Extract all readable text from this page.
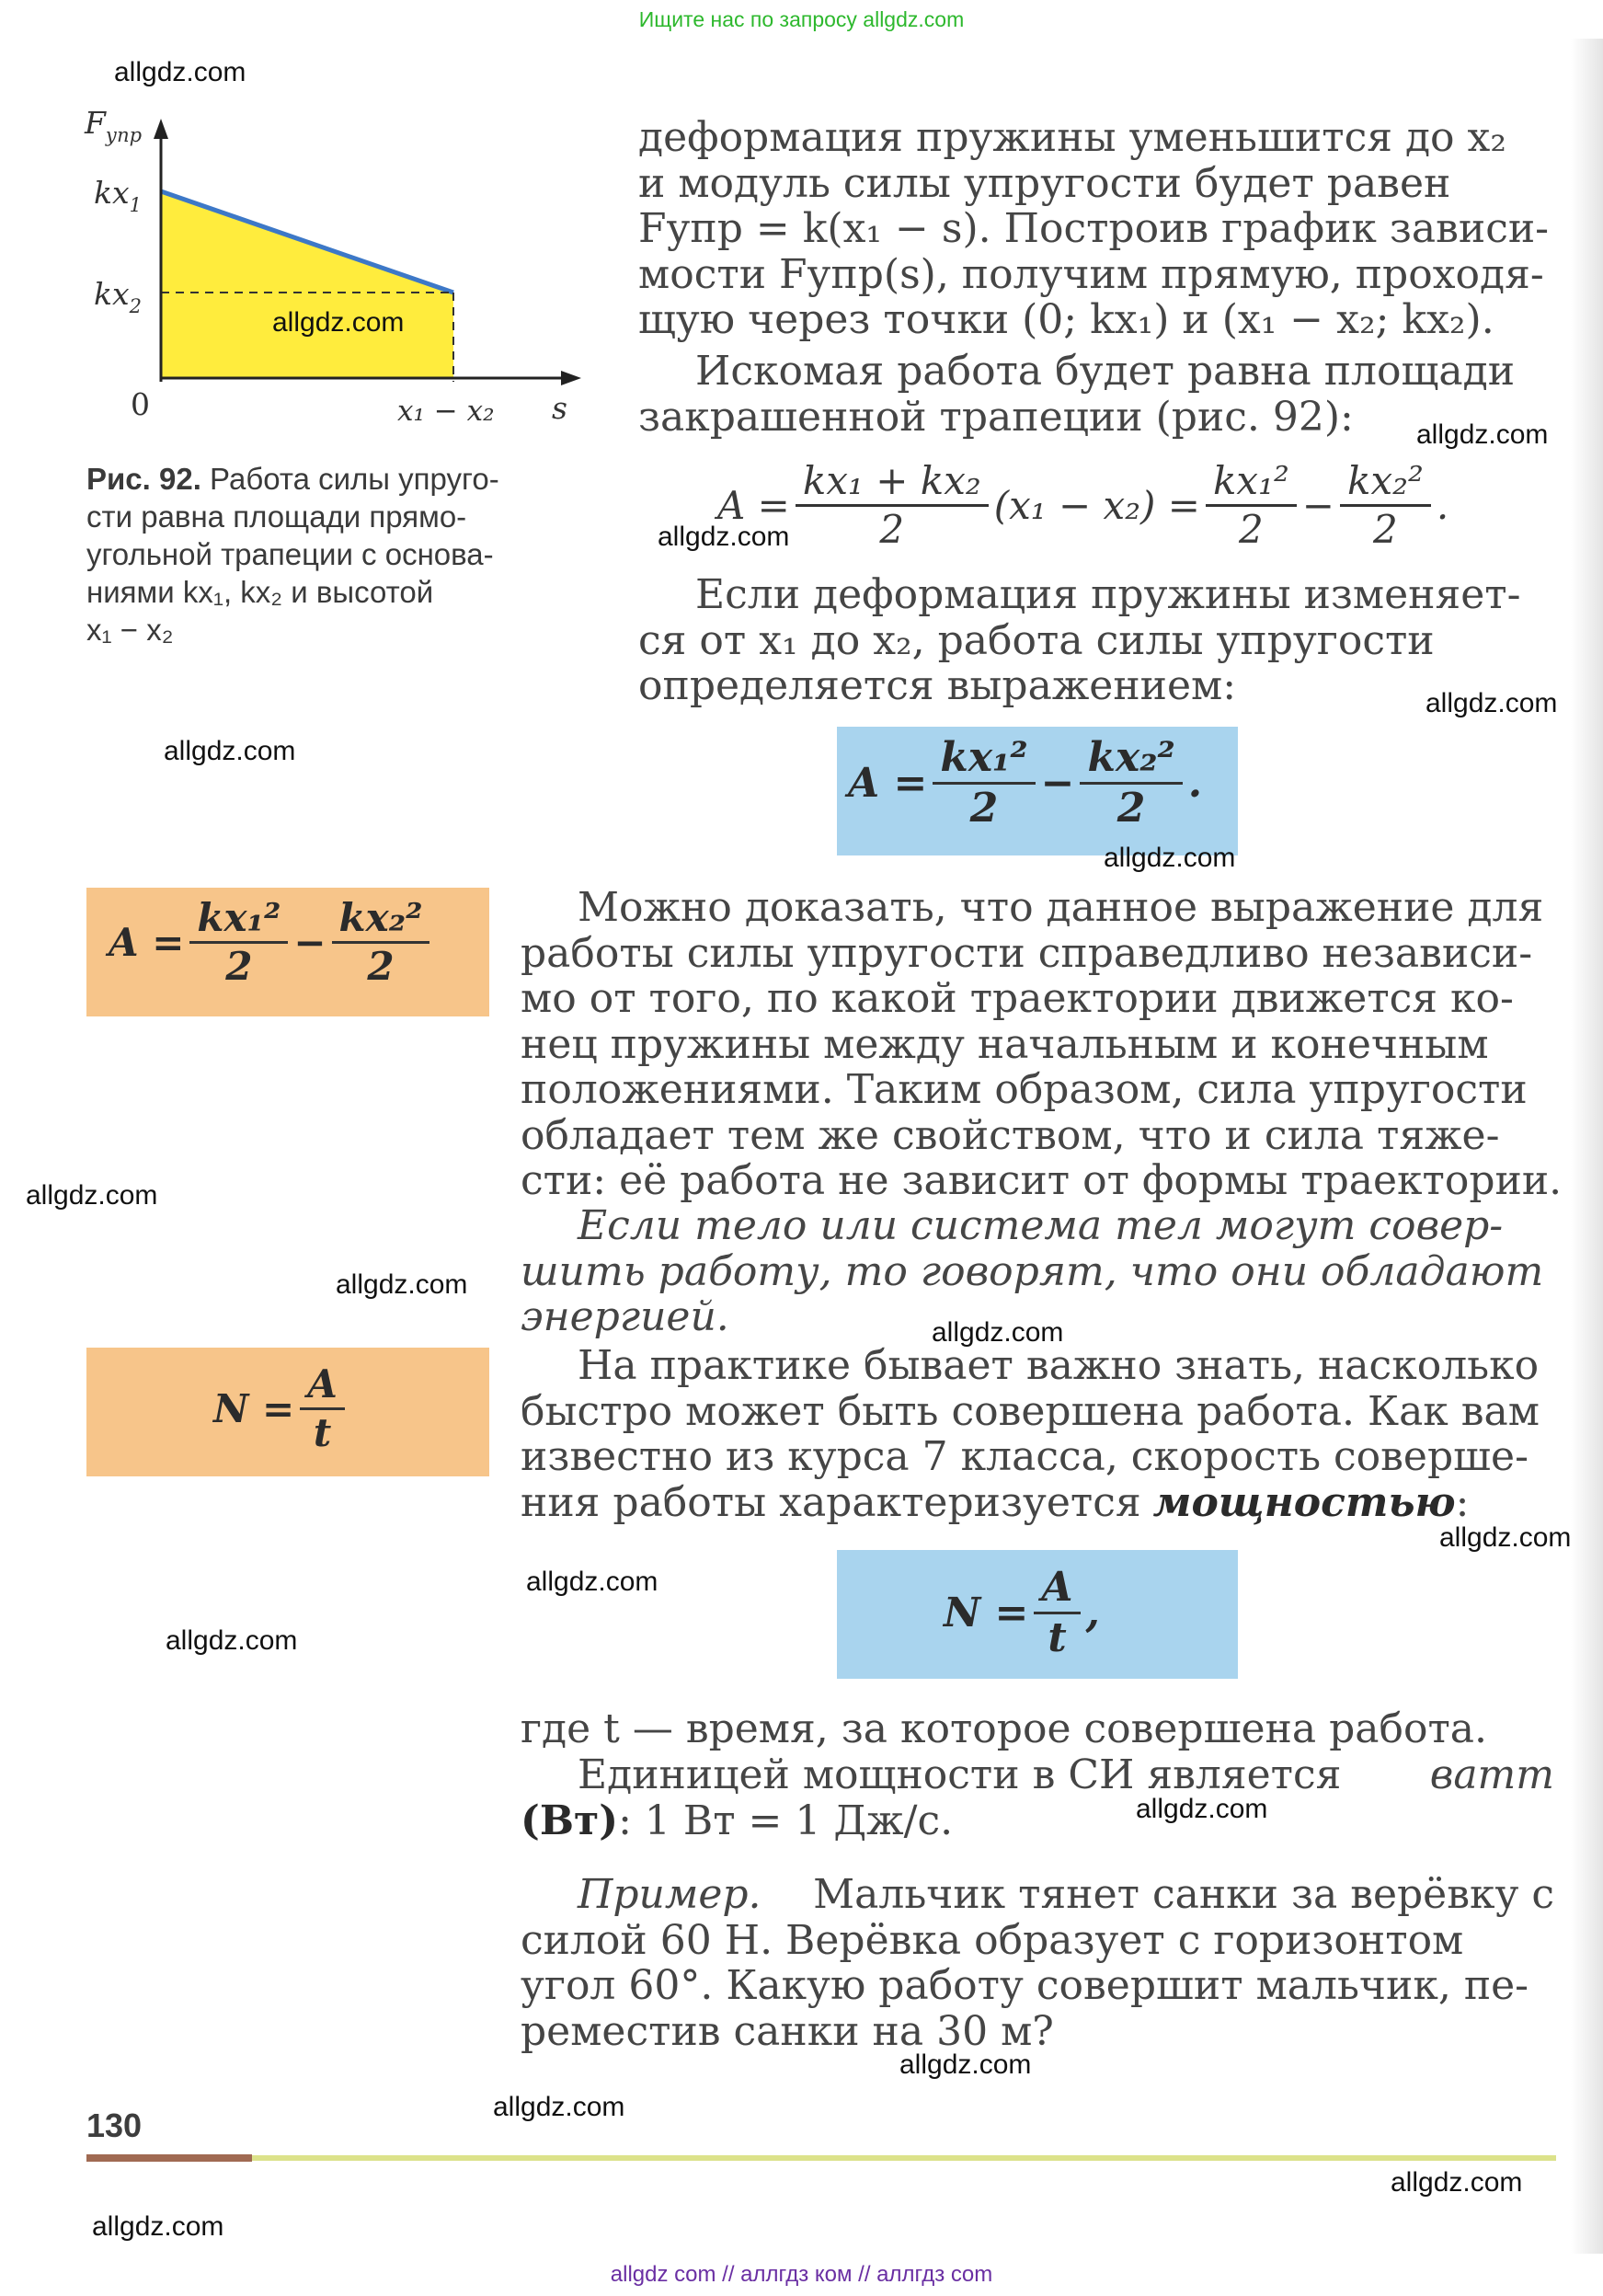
Ищите нас по запросу allgdz.com
allgdz com // аллгдз ком // аллгдз com
$F_{упр}$
$kx_1$
$kx_2$
0	x₁ − x₂ s
Рис. 92. Работа силы упруго-
сти равна площади прямо-
угольной трапеции с основа-
ниями kx₁, kx₂ и высотой
x₁ − x₂
деформация пружины уменьшится до x₂
и модуль силы упругости будет равен
Fупр = k(x₁ − s). Построив график зависи-
мости Fупр(s), получим прямую, проходя-
щую через точки (0; kx₁) и (x₁ − x₂; kx₂).
Искомая работа будет равна площади
закрашенной трапеции (рис. 92):
$A = \frac{\text{kx₁ + kx₂}}{2} (x_1 - x_2) = \frac{\text{kx₁²}}{2} - \frac{\text{kx₂²}}{2}$ .
Если деформация пружины изменяет-
ся от x₁ до x₂, работа силы упругости
определяется выражением:
$A = \frac{\text{kx₁²}}{2} - \frac{\text{kx₂²}}{2}$ .
$A = \frac{\text{kx₁²}}{2} - \frac{\text{kx₂²}}{2}$	Можно доказать, что данное выражение для
работы силы упругости справедливо независи-
мо от того, по какой траектории движется ко-
нец пружины между начальным и конечным
положениями. Таким образом, сила упругости
обладает тем же свойством, что и сила тяже-
сти: её работа не зависит от формы траектории.
Если тело или система тел могут совер-
шить работу, то говорят, что они обладают
энергией.
$N = \frac{A}{t}$	На практике бывает важно знать, насколько
быстро может быть совершена работа. Как вам
известно из курса 7 класса, скорость соверше-
ния работы характеризуется мощностью :
$N = \frac{A}{t}$ ,
где t — время, за которое совершена работа.
Единицей мощности в СИ является ватт
(Вт): 1 Вт = 1 Дж/с.
Пример. Мальчик тянет санки за верёвку с
силой 60 Н. Верёвка образует с горизонтом
угол 60°. Какую работу совершит мальчик, пе-
реместив санки на 30 м?
130
allgdz.com
allgdz.com
allgdz.com
allgdz.com
allgdz.com
allgdz.com
allgdz.com
allgdz.com
allgdz.com
allgdz.com
allgdz.com
allgdz.com
allgdz.com
allgdz.com
allgdz.com
allgdz.com
allgdz.com
allgdz.com
